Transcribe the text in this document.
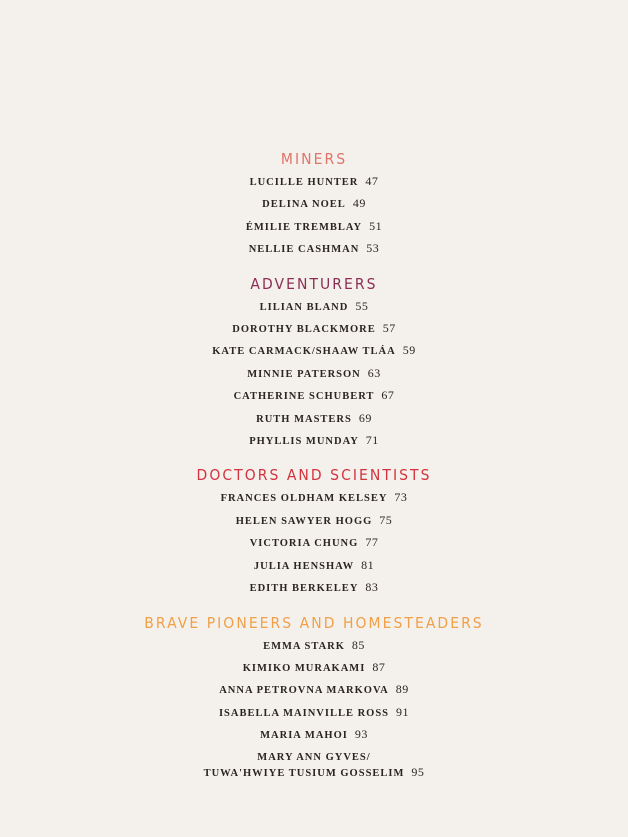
MINERS
LUCILLE HUNTER 47
DELINA NOEL 49
ÉMILIE TREMBLAY 51
NELLIE CASHMAN 53
ADVENTURERS
LILIAN BLAND 55
DOROTHY BLACKMORE 57
KATE CARMACK/SHAAW TLÁA 59
MINNIE PATERSON 63
CATHERINE SCHUBERT 67
RUTH MASTERS 69
PHYLLIS MUNDAY 71
DOCTORS AND SCIENTISTS
FRANCES OLDHAM KELSEY 73
HELEN SAWYER HOGG 75
VICTORIA CHUNG 77
JULIA HENSHAW 81
EDITH BERKELEY 83
BRAVE PIONEERS AND HOMESTEADERS
EMMA STARK 85
KIMIKO MURAKAMI 87
ANNA PETROVNA MARKOVA 89
ISABELLA MAINVILLE ROSS 91
MARIA MAHOI 93
MARY ANN GYVES/
TUWA'HWIYE TUSIUM GOSSELIM 95
